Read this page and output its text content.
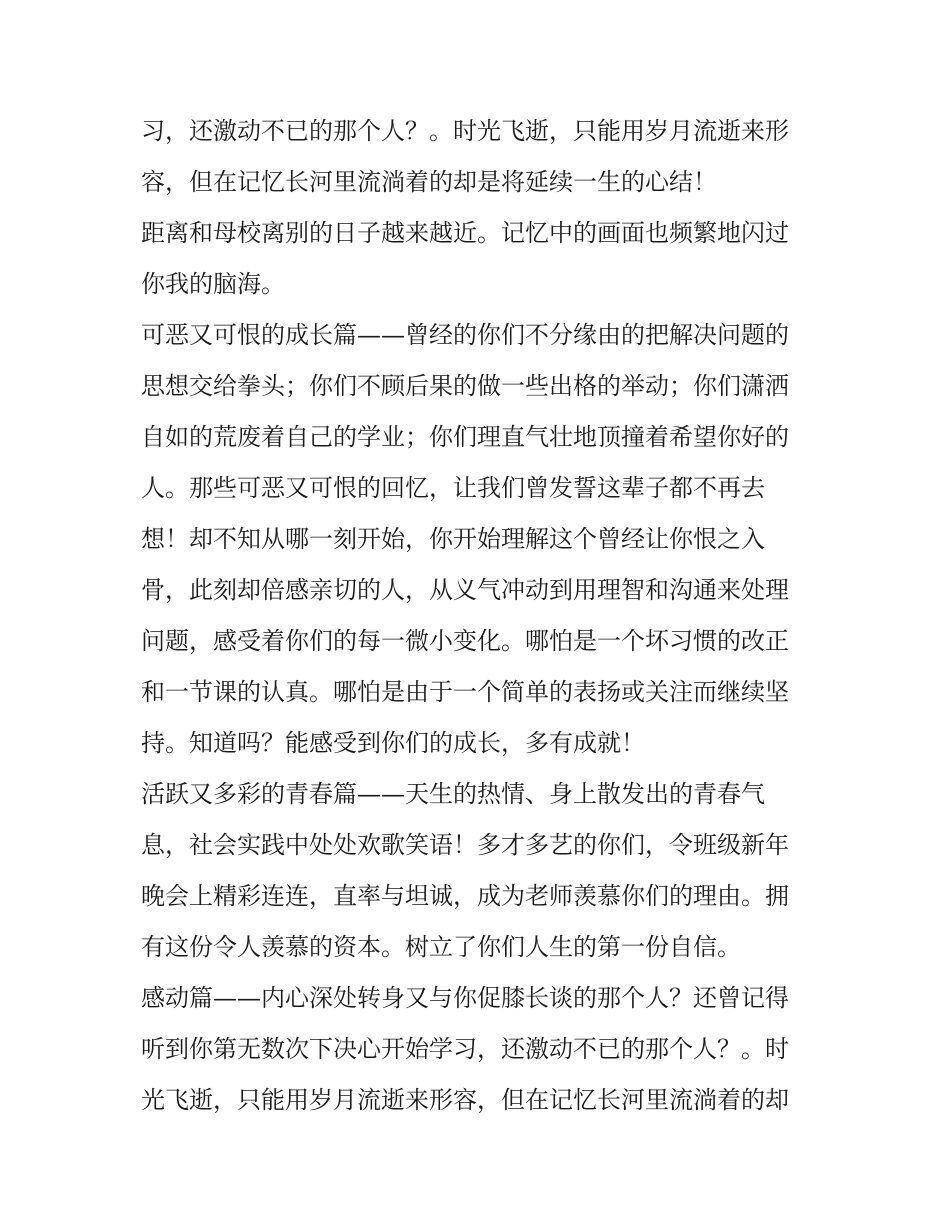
习，还激动不已的那个人？。时光飞逝，只能用岁月流逝来形
容，但在记忆长河里流淌着的却是将延续一生的心结！
距离和母校离别的日子越来越近。记忆中的画面也频繁地闪过
你我的脑海。
可恶又可恨的成长篇——曾经的你们不分缘由的把解决问题的
思想交给拳头；你们不顾后果的做一些出格的举动；你们潇洒
自如的荒废着自己的学业；你们理直气壮地顶撞着希望你好的
人。那些可恶又可恨的回忆，让我们曾发誓这辈子都不再去
想！却不知从哪一刻开始，你开始理解这个曾经让你恨之入
骨，此刻却倍感亲切的人，从义气冲动到用理智和沟通来处理
问题，感受着你们的每一微小变化。哪怕是一个坏习惯的改正
和一节课的认真。哪怕是由于一个简单的表扬或关注而继续坚
持。知道吗？能感受到你们的成长，多有成就！
活跃又多彩的青春篇——天生的热情、身上散发出的青春气
息，社会实践中处处欢歌笑语！多才多艺的你们，令班级新年
晚会上精彩连连，直率与坦诚，成为老师羡慕你们的理由。拥
有这份令人羡慕的资本。树立了你们人生的第一份自信。
感动篇——内心深处转身又与你促膝长谈的那个人？还曾记得
听到你第无数次下决心开始学习，还激动不已的那个人？。时
光飞逝，只能用岁月流逝来形容，但在记忆长河里流淌着的却
